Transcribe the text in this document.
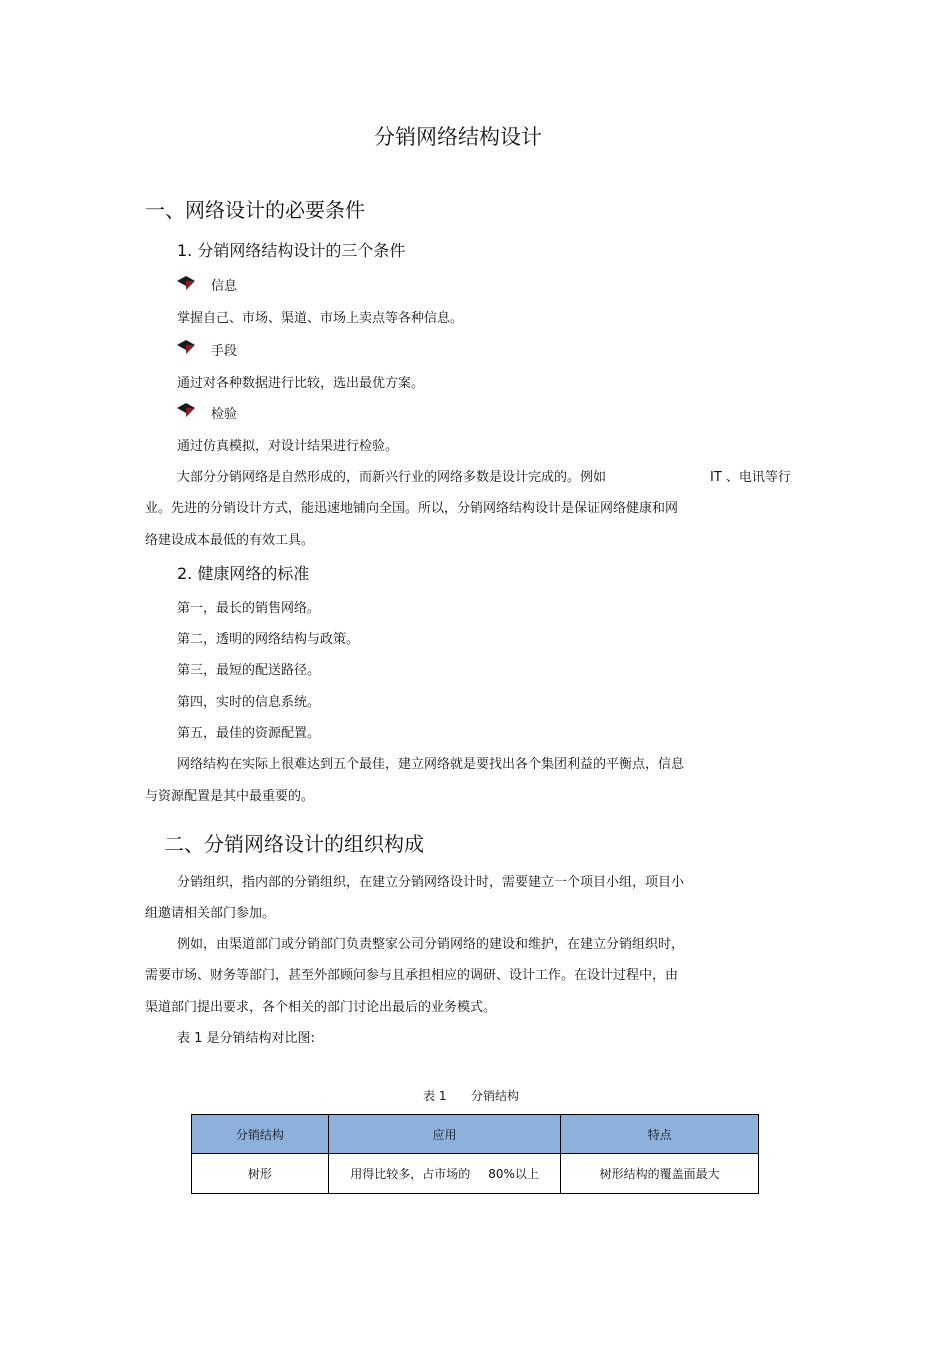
分销网络结构设计
一、网络设计的必要条件
1. 分销网络结构设计的三个条件
信息
掌握自己、市场、渠道、市场上卖点等各种信息。
手段
通过对各种数据进行比较，选出最优方案。
检验
通过仿真模拟，对设计结果进行检验。
大部分分销网络是自然形成的，而新兴行业的网络多数是设计完成的。例如	IT 、电讯等行
业。先进的分销设计方式，能迅速地铺向全国。所以，分销网络结构设计是保证网络健康和网
络建设成本最低的有效工具。
2. 健康网络的标准
第一，最长的销售网络。
第二，透明的网络结构与政策。
第三，最短的配送路径。
第四，实时的信息系统。
第五，最佳的资源配置。
网络结构在实际上很难达到五个最佳，建立网络就是要找出各个集团利益的平衡点，信息
与资源配置是其中最重要的。
二、分销网络设计的组织构成
分销组织，指内部的分销组织，在建立分销网络设计时，需要建立一个项目小组，项目小
组邀请相关部门参加。
例如，由渠道部门或分销部门负责整家公司分销网络的建设和维护，在建立分销组织时，
需要市场、财务等部门，甚至外部顾问参与且承担相应的调研、设计工作。在设计过程中，由
渠道部门提出要求，各个相关的部门讨论出最后的业务模式。
表 1 是分销结构对比图:
表 1 分销结构
分销结构	应用	特点
树形	用得比较多，占市场的 80%以上	树形结构的覆盖面最大
